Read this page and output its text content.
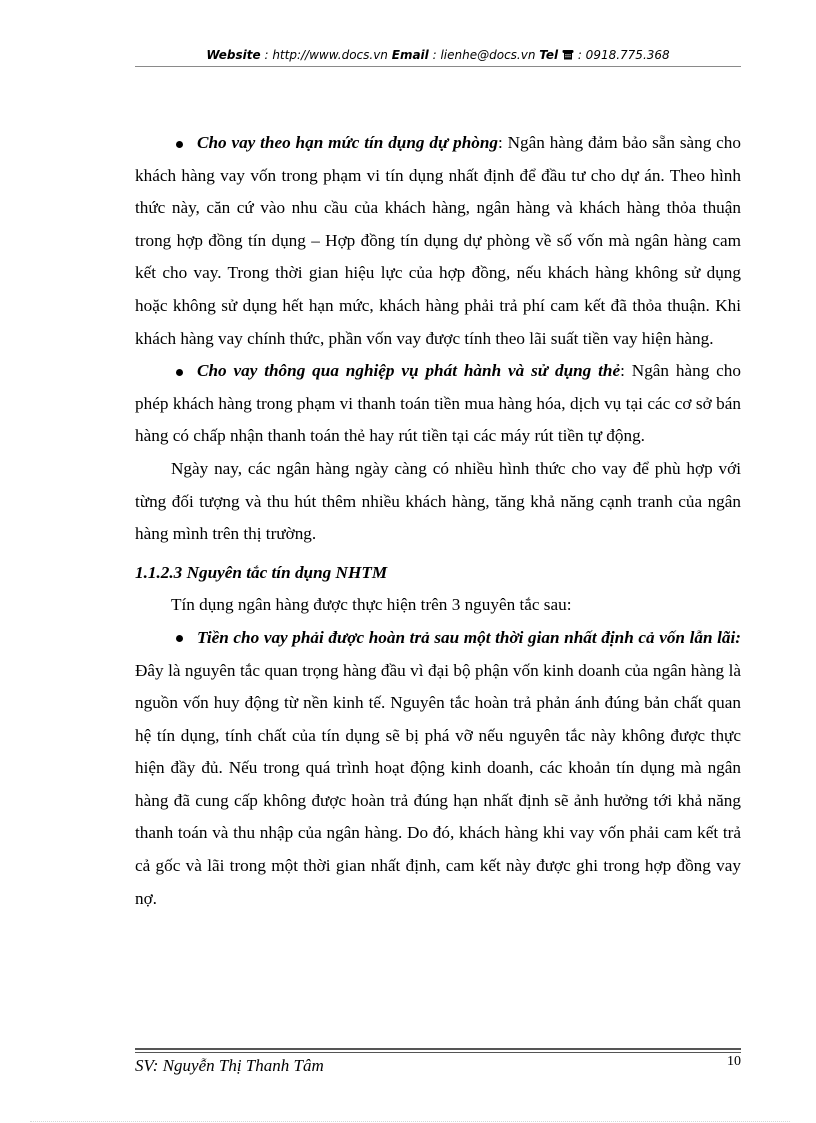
Website : http://www.docs.vn Email : lienhe@docs.vn Tel : 0918.775.368

Cho vay theo hạn mức tín dụng dự phòng: Ngân hàng đảm bảo sẵn sàng cho khách hàng vay vốn trong phạm vi tín dụng nhất định để đầu tư cho dự án. Theo hình thức này, căn cứ vào nhu cầu của khách hàng, ngân hàng và khách hàng thỏa thuận trong hợp đồng tín dụng – Hợp đồng tín dụng dự phòng về số vốn mà ngân hàng cam kết cho vay. Trong thời gian hiệu lực của hợp đồng, nếu khách hàng không sử dụng hoặc không sử dụng hết hạn mức, khách hàng phải trả phí cam kết đã thỏa thuận. Khi khách hàng vay chính thức, phần vốn vay được tính theo lãi suất tiền vay hiện hàng.

Cho vay thông qua nghiệp vụ phát hành và sử dụng thẻ: Ngân hàng cho phép khách hàng trong phạm vi thanh toán tiền mua hàng hóa, dịch vụ tại các cơ sở bán hàng có chấp nhận thanh toán thẻ hay rút tiền tại các máy rút tiền tự động.

Ngày nay, các ngân hàng ngày càng có nhiều hình thức cho vay để phù hợp với từng đối tượng và thu hút thêm nhiều khách hàng, tăng khả năng cạnh tranh của ngân hàng mình trên thị trường.

1.1.2.3 Nguyên tắc tín dụng NHTM

Tín dụng ngân hàng được thực hiện trên 3 nguyên tắc sau:

Tiền cho vay phải được hoàn trả sau một thời gian nhất định cả vốn lẫn lãi: Đây là nguyên tắc quan trọng hàng đầu vì đại bộ phận vốn kinh doanh của ngân hàng là nguồn vốn huy động từ nền kinh tế. Nguyên tắc hoàn trả phản ánh đúng bản chất quan hệ tín dụng, tính chất của tín dụng sẽ bị phá vỡ nếu nguyên tắc này không được thực hiện đầy đủ. Nếu trong quá trình hoạt động kinh doanh, các khoản tín dụng mà ngân hàng đã cung cấp không được hoàn trả đúng hạn nhất định sẽ ảnh hưởng tới khả năng thanh toán và thu nhập của ngân hàng. Do đó, khách hàng khi vay vốn phải cam kết trả cả gốc và lãi trong một thời gian nhất định, cam kết này được ghi trong hợp đồng vay nợ.

SV: Nguyễn Thị Thanh Tâm	10
